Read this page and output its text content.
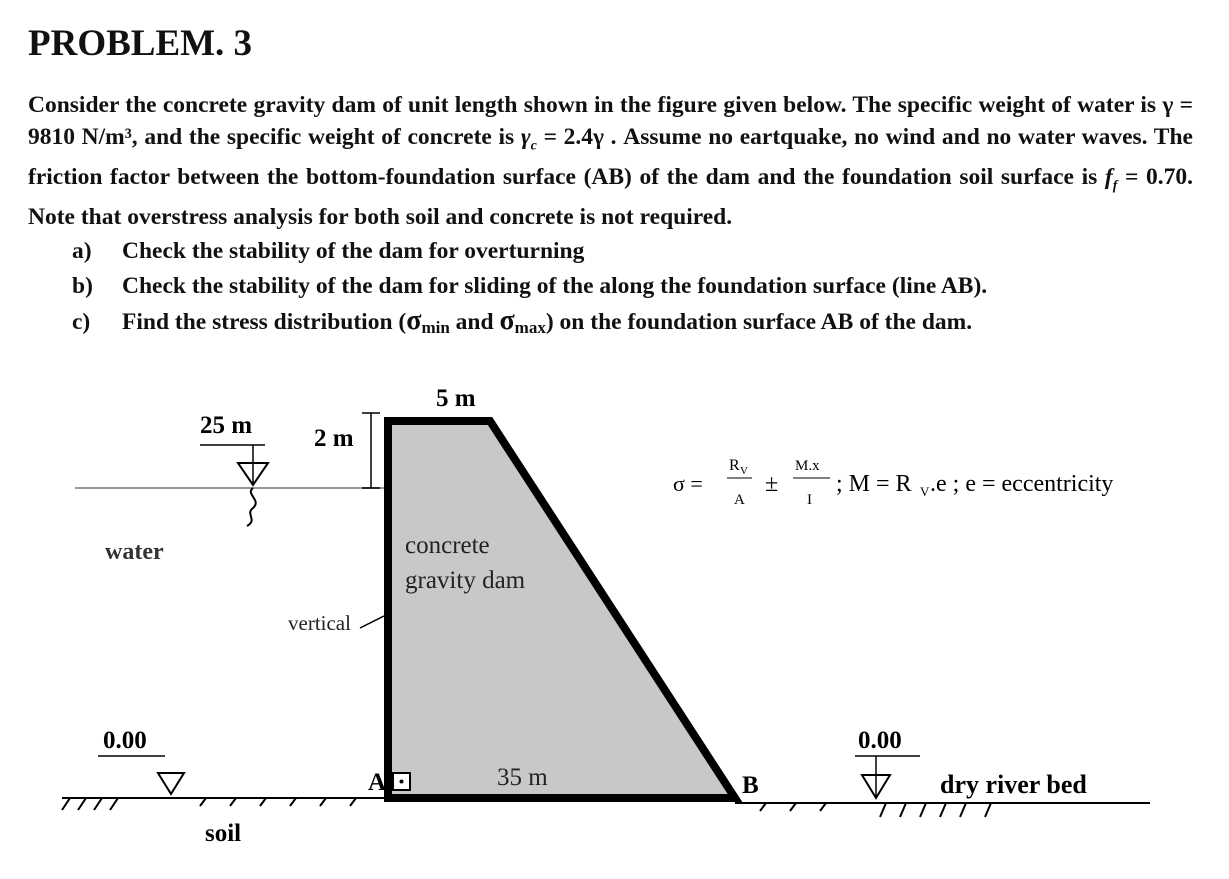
PROBLEM. 3

Consider the concrete gravity dam of unit length shown in the figure given below. The specific weight of water is γ = 9810 N/m³, and the specific weight of concrete is $\gamma_c = 2.4\gamma$ . Assume no eartquake, no wind and no water waves. The friction factor between the bottom-foundation surface (AB) of the dam and the foundation soil surface is $f_f = 0.70$. Note that overstress analysis for both soil and concrete is not required.

a) Check the stability of the dam for overturning
b) Check the stability of the dam for sliding of the along the foundation surface (line AB).
c) Find the stress distribution (σmin and σmax) on the foundation surface AB of the dam.
2 m
5 m
25 m
water	concrete
gravity dam
vertical
0.00	0.00
A	B
35 m
soil
dry river bed
σ =
R V
A
±
M.x
I
; M = R V .e ; e = eccentricity
